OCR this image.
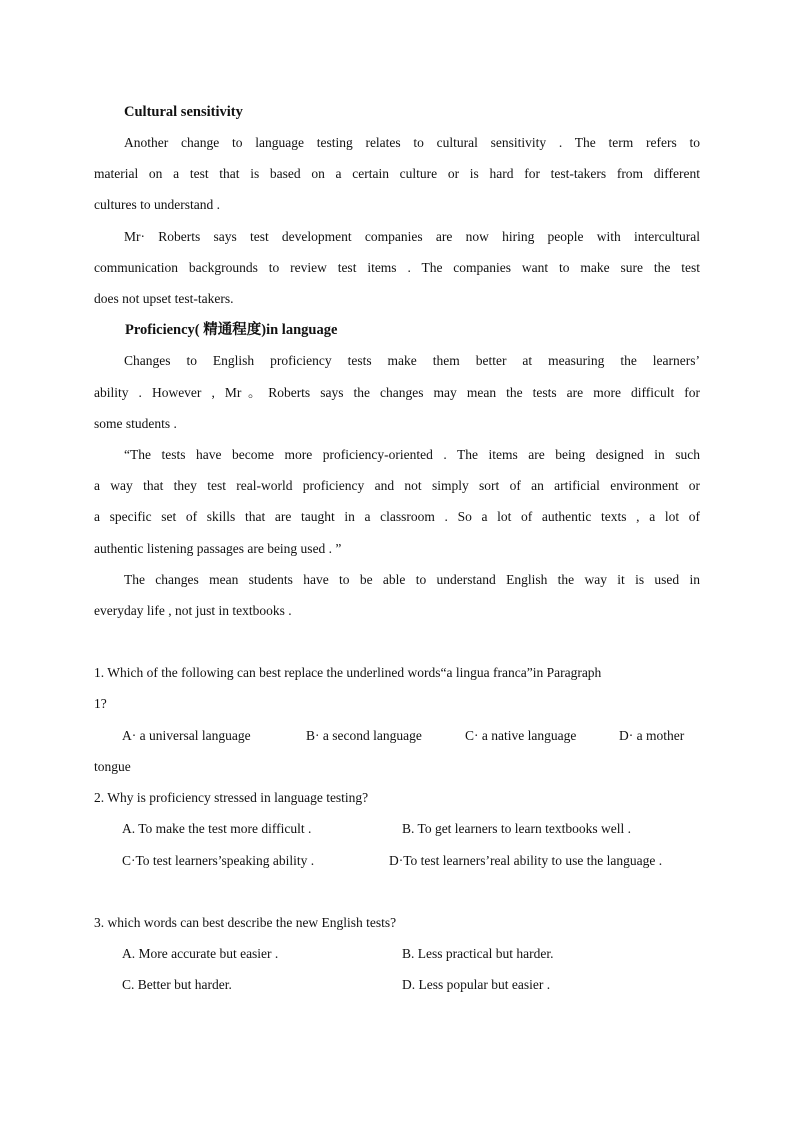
Cultural sensitivity
Another change to language testing relates to cultural sensitivity . The term refers to
material on a test that is based on a certain culture or is hard for test-takers from different
cultures to understand .
Mr· Roberts says test development companies are now hiring people with intercultural
communication backgrounds to review test items . The companies want to make sure the test
does not upset test-takers.
Proficiency( 精通程度)in language
Changes to English proficiency tests make them better at measuring the learners’
ability . However , Mr。Roberts says the changes may mean the tests are more difficult for
some students .
“The tests have become more proficiency-oriented . The items are being designed in such
a way that they test real-world proficiency and not simply sort of an artificial environment or
a specific set of skills that are taught in a classroom . So a lot of authentic texts , a lot of
authentic listening passages are being used . ”
The changes mean students have to be able to understand English the way it is used in
everyday life , not just in textbooks .
1. Which of the following can best replace the underlined words“a lingua franca”in Paragraph
1?
A· a universal language	B· a second language	C· a native language	D· a mother
tongue
2. Why is proficiency stressed in language testing?
A. To make the test more difficult .	B. To get learners to learn textbooks well .
C·To test learners’speaking ability .	D·To test learners’real ability to use the language .
3. which words can best describe the new English tests?
A. More accurate but easier .	B. Less practical but harder.
C. Better but harder.	D. Less popular but easier .
